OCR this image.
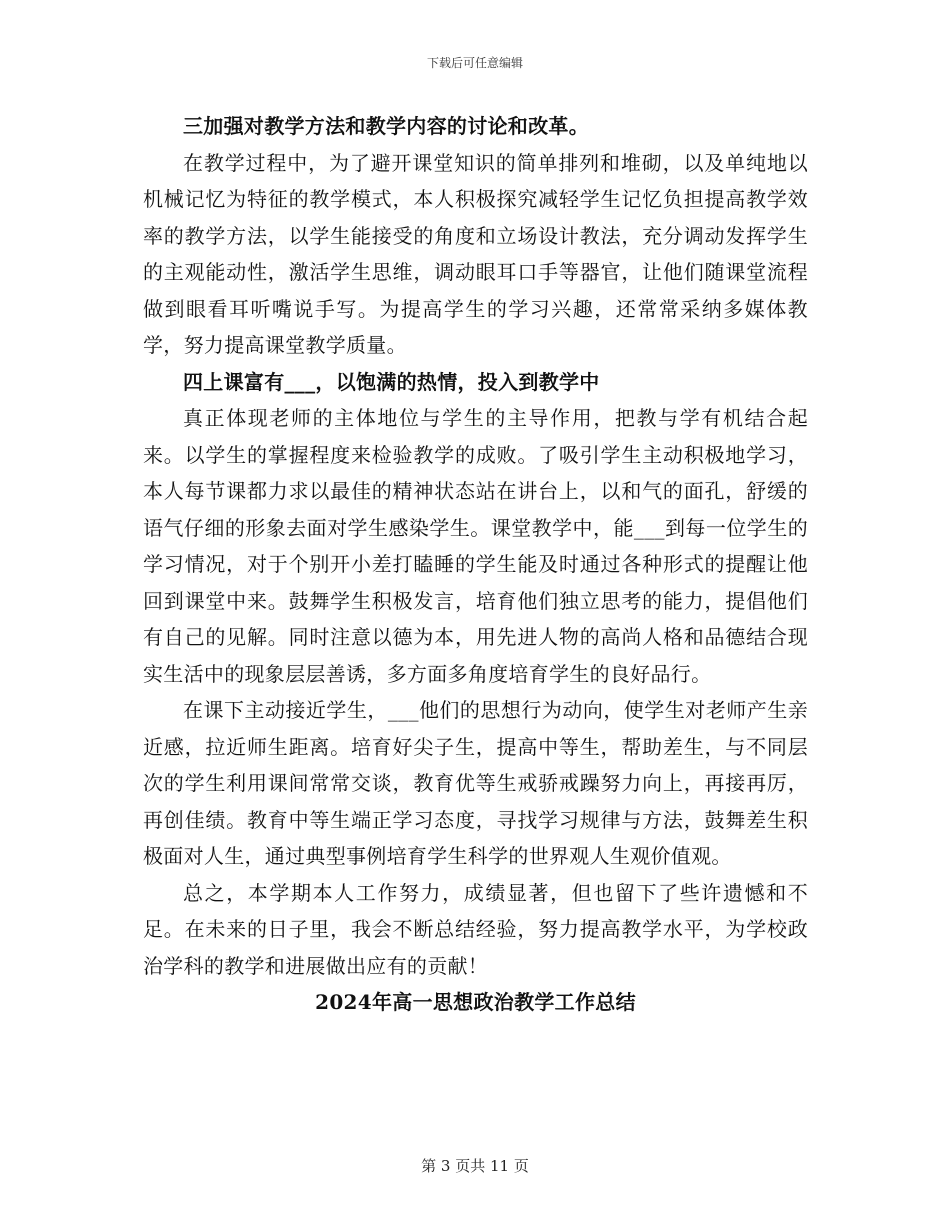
下载后可任意编辑

三加强对教学方法和教学内容的讨论和改革。

在教学过程中，为了避开课堂知识的简单排列和堆砌，以及单纯地以机械记忆为特征的教学模式，本人积极探究减轻学生记忆负担提高教学效率的教学方法，以学生能接受的角度和立场设计教法，充分调动发挥学生的主观能动性，激活学生思维，调动眼耳口手等器官，让他们随课堂流程做到眼看耳听嘴说手写。为提高学生的学习兴趣，还常常采纳多媒体教学，努力提高课堂教学质量。

四上课富有___，以饱满的热情，投入到教学中

真正体现老师的主体地位与学生的主导作用，把教与学有机结合起来。以学生的掌握程度来检验教学的成败。了吸引学生主动积极地学习，本人每节课都力求以最佳的精神状态站在讲台上，以和气的面孔，舒缓的语气仔细的形象去面对学生感染学生。课堂教学中，能___到每一位学生的学习情况，对于个别开小差打瞌睡的学生能及时通过各种形式的提醒让他回到课堂中来。鼓舞学生积极发言，培育他们独立思考的能力，提倡他们有自己的见解。同时注意以德为本，用先进人物的高尚人格和品德结合现实生活中的现象层层善诱，多方面多角度培育学生的良好品行。

在课下主动接近学生，___他们的思想行为动向，使学生对老师产生亲近感，拉近师生距离。培育好尖子生，提高中等生，帮助差生，与不同层次的学生利用课间常常交谈，教育优等生戒骄戒躁努力向上，再接再厉，再创佳绩。教育中等生端正学习态度，寻找学习规律与方法，鼓舞差生积极面对人生，通过典型事例培育学生科学的世界观人生观价值观。

总之，本学期本人工作努力，成绩显著，但也留下了些许遗憾和不足。在未来的日子里，我会不断总结经验，努力提高教学水平，为学校政治学科的教学和进展做出应有的贡献！

2024年高一思想政治教学工作总结

第 3 页共 11 页
